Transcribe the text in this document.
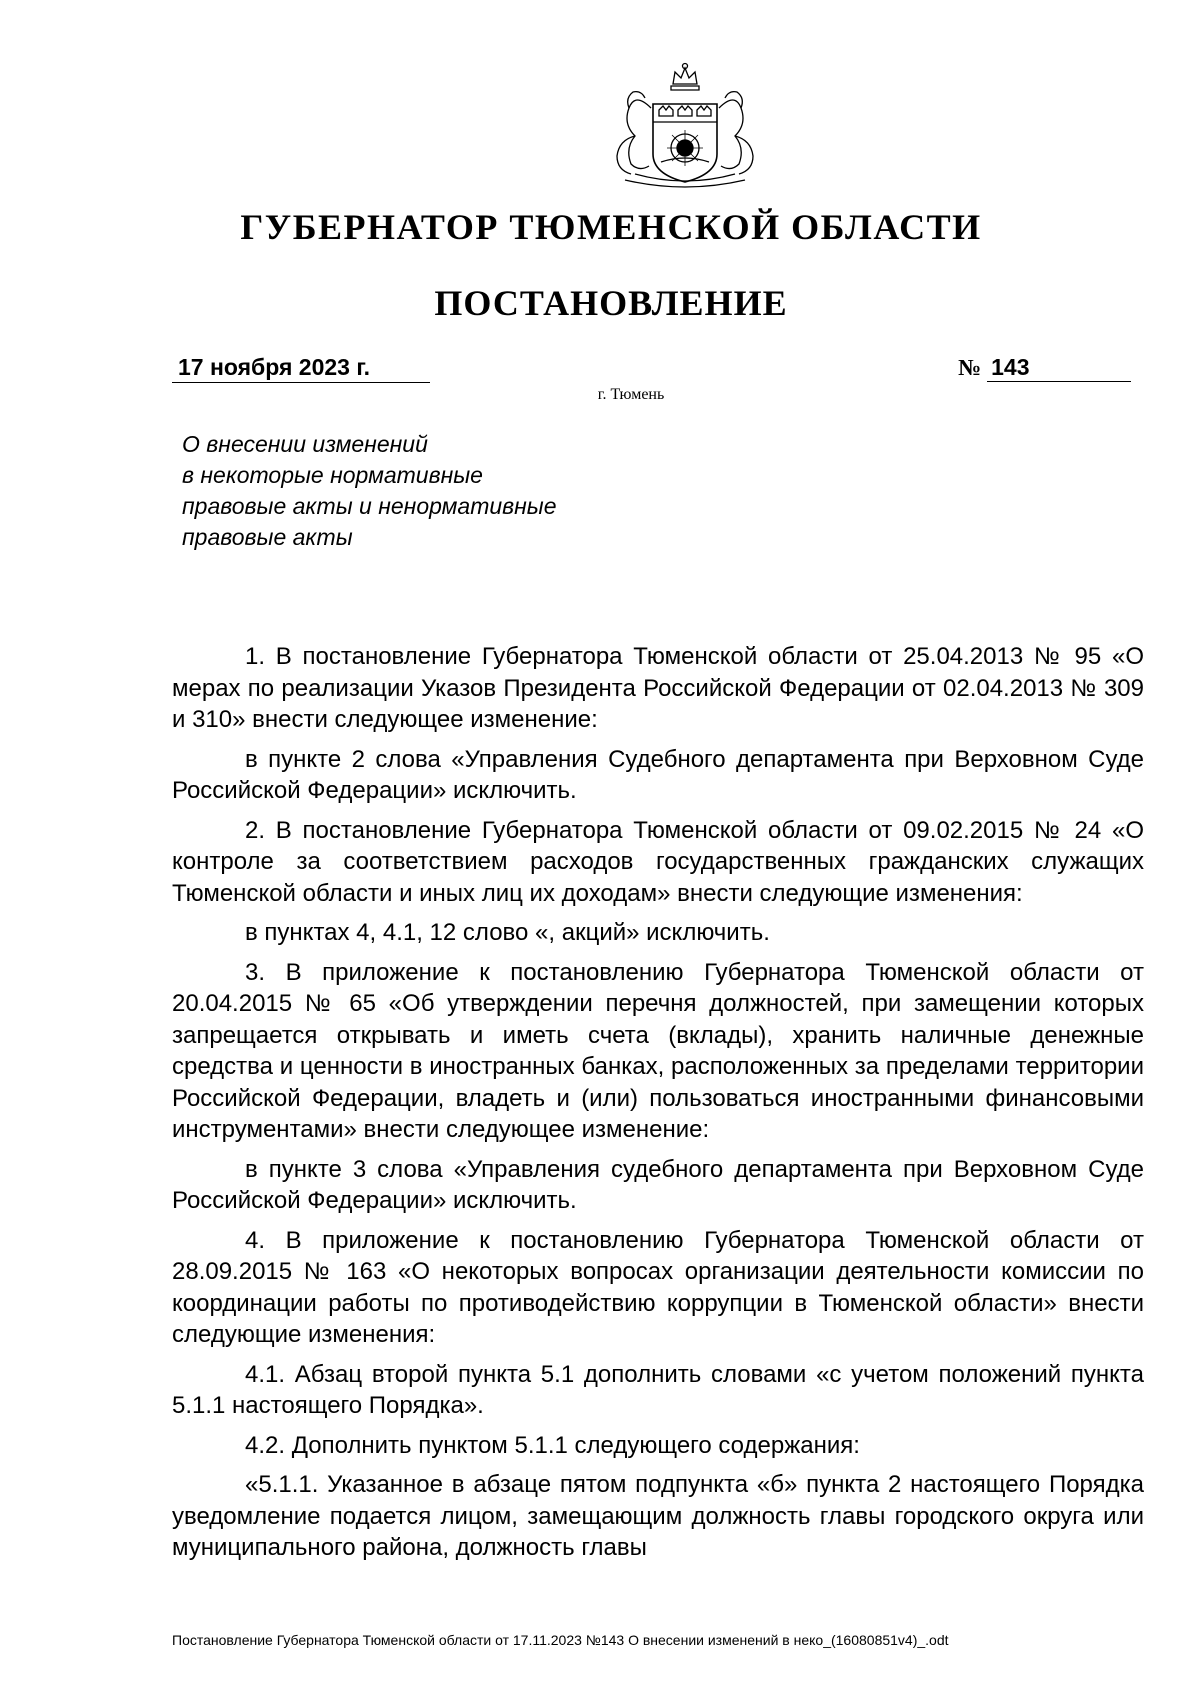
ГУБЕРНАТОР ТЮМЕНСКОЙ ОБЛАСТИ
ПОСТАНОВЛЕНИЕ
17 ноября 2023 г.	№ 143
г. Тюмень
О внесении изменений
в некоторые нормативные
правовые акты и ненормативные
правовые акты

1. В постановление Губернатора Тюменской области от 25.04.2013 № 95 «О мерах по реализации Указов Президента Российской Федерации от 02.04.2013 № 309 и 310» внести следующее изменение:

в пункте 2 слова «Управления Судебного департамента при Верховном Суде Российской Федерации» исключить.

2. В постановление Губернатора Тюменской области от 09.02.2015 № 24 «О контроле за соответствием расходов государственных гражданских служащих Тюменской области и иных лиц их доходам» внести следующие изменения:

в пунктах 4, 4.1, 12 слово «, акций» исключить.

3. В приложение к постановлению Губернатора Тюменской области от 20.04.2015 № 65 «Об утверждении перечня должностей, при замещении которых запрещается открывать и иметь счета (вклады), хранить наличные денежные средства и ценности в иностранных банках, расположенных за пределами территории Российской Федерации, владеть и (или) пользоваться иностранными финансовыми инструментами» внести следующее изменение:

в пункте 3 слова «Управления судебного департамента при Верховном Суде Российской Федерации» исключить.

4. В приложение к постановлению Губернатора Тюменской области от 28.09.2015 № 163 «О некоторых вопросах организации деятельности комиссии по координации работы по противодействию коррупции в Тюменской области» внести следующие изменения:

4.1. Абзац второй пункта 5.1 дополнить словами «с учетом положений пункта 5.1.1 настоящего Порядка».

4.2. Дополнить пунктом 5.1.1 следующего содержания:

«5.1.1. Указанное в абзаце пятом подпункта «б» пункта 2 настоящего Порядка уведомление подается лицом, замещающим должность главы городского округа или муниципального района, должность главы

Постановление Губернатора Тюменской области от 17.11.2023 №143 О внесении изменений в неко_(16080851v4)_.odt
